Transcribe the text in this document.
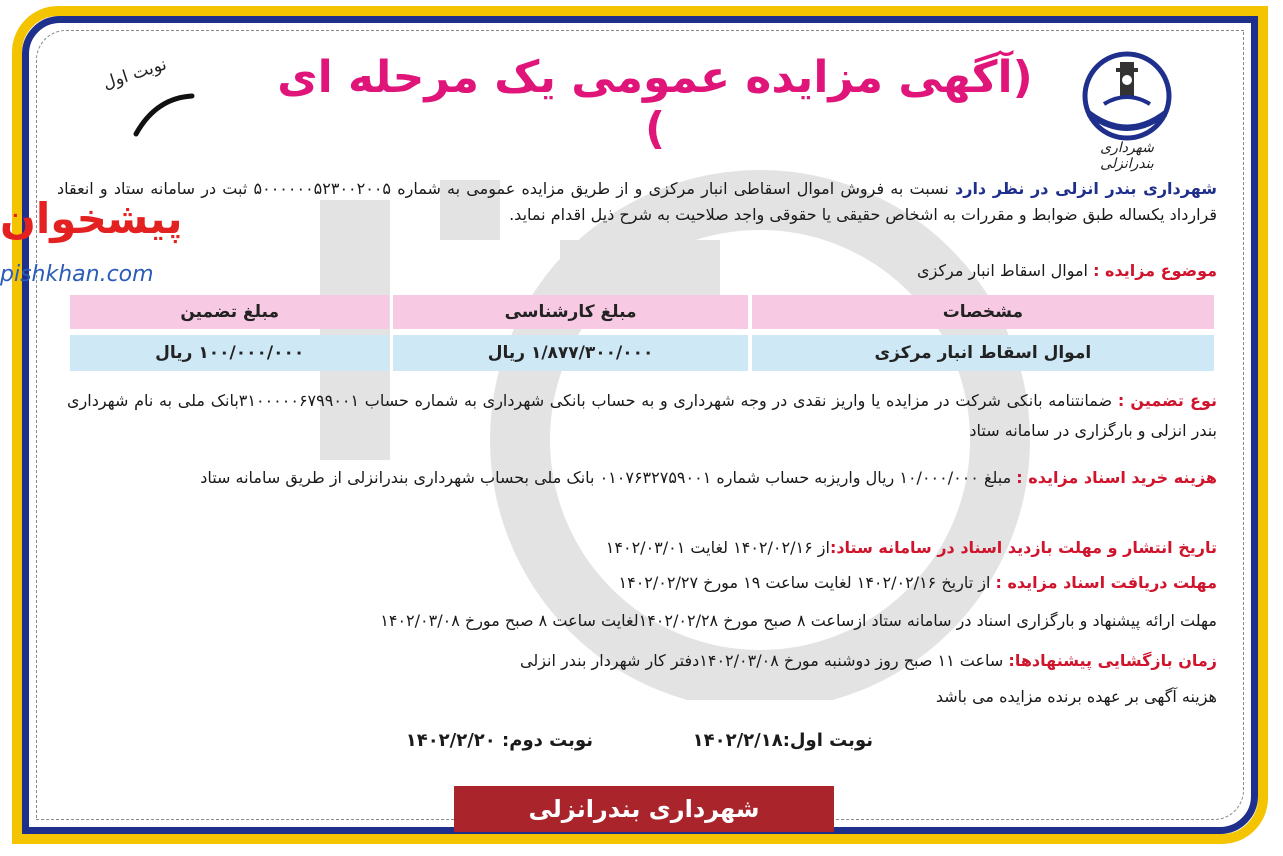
شهرداری بندرانزلی
(آگهی مزایده عمومی یک مرحله ای )
نوبت اول
پیشخوان
pishkhan.com
شهرداری بندر انزلی در نظر دارد نسبت به فروش اموال اسقاطی انبار مرکزی و از طریق مزایده عمومی به شماره ۵۰۰۰۰۰۰۵۲۳۰۰۲۰۰۵ ثبت در سامانه ستاد و انعقاد قرارداد یکساله طبق ضوابط و مقررات به اشخاص حقیقی یا حقوقی واجد صلاحیت به شرح ذیل اقدام نماید.
موضوع مزایده : اموال اسقاط انبار مرکزی
مشخصات	مبلغ کارشناسی	مبلغ تضمین
اموال اسقاط انبار مرکزی	۱/۸۷۷/۳۰۰/۰۰۰ ریال	۱۰۰/۰۰۰/۰۰۰ ریال
نوع تضمین : ضمانتنامه بانکی شرکت در مزایده یا واریز نقدی در وجه شهرداری و به حساب بانکی شهرداری به شماره حساب ۳۱۰۰۰۰۰۶۷۹۹۰۰۱بانک ملی به نام شهرداری بندر انزلی و بارگزاری در سامانه ستاد
هزینه خرید اسناد مزایده : مبلغ ۱۰/۰۰۰/۰۰۰ ریال واریزبه حساب شماره ۰۱۰۷۶۳۲۷۵۹۰۰۱ بانک ملی بحساب شهرداری بندرانزلی از طریق سامانه ستاد
تاریخ انتشار و مهلت بازدید اسناد در سامانه ستاد:از ۱۴۰۲/۰۲/۱۶ لغایت ۱۴۰۲/۰۳/۰۱
مهلت دریافت اسناد مزایده : از تاریخ ۱۴۰۲/۰۲/۱۶ لغایت ساعت ۱۹ مورخ ۱۴۰۲/۰۲/۲۷
مهلت ارائه پیشنهاد و بارگزاری اسناد در سامانه ستاد ازساعت ۸ صبح مورخ ۱۴۰۲/۰۲/۲۸لغایت ساعت ۸ صبح مورخ ۱۴۰۲/۰۳/۰۸
زمان بازگشایی پیشنهادها: ساعت ۱۱ صبح روز دوشنبه مورخ ۱۴۰۲/۰۳/۰۸دفتر کار شهردار بندر انزلی
هزینه آگهی بر عهده برنده مزایده می باشد
نوبت اول:۱۴۰۲/۲/۱۸
نوبت دوم: ۱۴۰۲/۲/۲۰
شهرداری بندرانزلی
